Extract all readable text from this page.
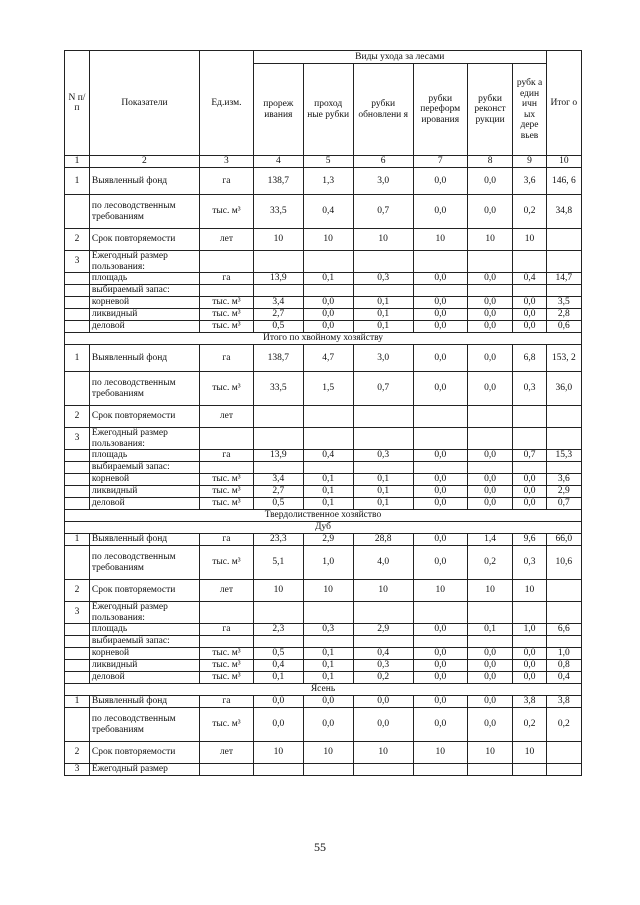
N п/ п	Показатели	Ед.изм.	Виды ухода за лесами						Итог о
			прореж ивания	проход ные рубки	рубки обновлени я	рубки переформ ирования	рубки реконст рукции	рубк а един ичн ых дере вьев	
1	2	3	4	5	6	7	8	9	10
1	Выявленный фонд	га	138,7	1,3	3,0	0,0	0,0	3,6	146, 6
	по лесоводственным требованиям	тыс. м³	33,5	0,4	0,7	0,0	0,0	0,2	34,8
2	Срок повторяемости	лет	10	10	10	10	10	10	
3	Ежегодный размер пользования:								
	площадь	га	13,9	0,1	0,3	0,0	0,0	0,4	14,7
	выбираемый запас:								
	корневой	тыс. м³	3,4	0,0	0,1	0,0	0,0	0,0	3,5
	ликвидный	тыс. м³	2,7	0,0	0,1	0,0	0,0	0,0	2,8
	деловой	тыс. м³	0,5	0,0	0,1	0,0	0,0	0,0	0,6
Итого по хвойному хозяйству									
1	Выявленный фонд	га	138,7	4,7	3,0	0,0	0,0	6,8	153, 2
	по лесоводственным требованиям	тыс. м³	33,5	1,5	0,7	0,0	0,0	0,3	36,0
2	Срок повторяемости	лет							
3	Ежегодный размер пользования:								
	площадь	га	13,9	0,4	0,3	0,0	0,0	0,7	15,3
	выбираемый запас:								
	корневой	тыс. м³	3,4	0,1	0,1	0,0	0,0	0,0	3,6
	ликвидный	тыс. м³	2,7	0,1	0,1	0,0	0,0	0,0	2,9
	деловой	тыс. м³	0,5	0,1	0,1	0,0	0,0	0,0	0,7
Твердолиственное хозяйство									
Дуб									
1	Выявленный фонд	га	23,3	2,9	28,8	0,0	1,4	9,6	66,0
	по лесоводственным требованиям	тыс. м³	5,1	1,0	4,0	0,0	0,2	0,3	10,6
2	Срок повторяемости	лет	10	10	10	10	10	10	
3	Ежегодный размер пользования:								
	площадь	га	2,3	0,3	2,9	0,0	0,1	1,0	6,6
	выбираемый запас:								
	корневой	тыс. м³	0,5	0,1	0,4	0,0	0,0	0,0	1,0
	ликвидный	тыс. м³	0,4	0,1	0,3	0,0	0,0	0,0	0,8
	деловой	тыс. м³	0,1	0,1	0,2	0,0	0,0	0,0	0,4
Ясень									
1	Выявленный фонд	га	0,0	0,0	0,0	0,0	0,0	3,8	3,8
	по лесоводственным требованиям	тыс. м³	0,0	0,0	0,0	0,0	0,0	0,2	0,2
2	Срок повторяемости	лет	10	10	10	10	10	10	
3	Ежегодный размер								
55
